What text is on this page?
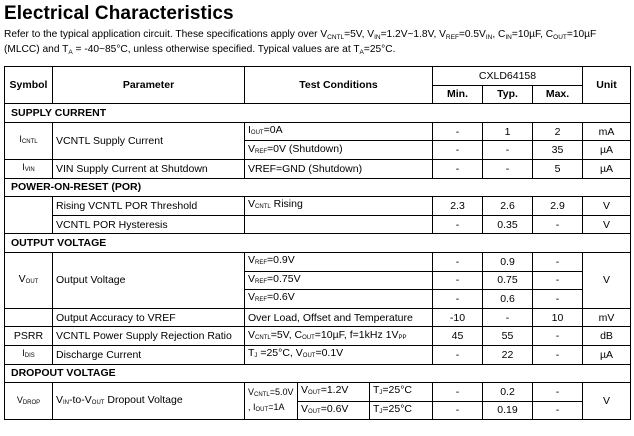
Electrical Characteristics
Refer to the typical application circuit. These specifications apply over $V_{CNTL}=5V$, $V_{IN}=1.2V\sim 1.8V$, $V_{REF}=0.5V_{IN}$, $C_{IN}=10\mu F$, $C_{OUT}=10\mu F$
(MLCC) and $T_A$ = -40~85°C, unless otherwise specified. Typical values are at $T_A=25^\circ C$.
Symbol	Parameter	Test Conditions			CXLD64158			Unit
					Min.	Typ.	Max.	
SUPPLY CURRENT								
ICNTL	VCNTL Supply Current	IOUT=0A			-	1	2	mA
		VREF=0V (Shutdown)			-	-	35	µA
IVIN	VIN Supply Current at Shutdown	VREF=GND (Shutdown)			-	-	5	µA
POWER-ON-RESET (POR)								
	Rising VCNTL POR Threshold	VCNTL Rising			2.3	2.6	2.9	V
	VCNTL POR Hysteresis				-	0.35	-	V
OUTPUT VOLTAGE								
VOUT	Output Voltage	VREF=0.9V			-	0.9	-	V
		VREF=0.75V			-	0.75	-	
		VREF=0.6V			-	0.6	-	
	Output Accuracy to VREF	Over Load, Offset and Temperature			-10	-	10	mV
PSRR	VCNTL Power Supply Rejection Ratio	VCNTL=5V, COUT=10µF, f=1kHz 1VPP			45	55	-	dB
IDIS	Discharge Current	TJ =25°C, VOUT=0.1V			-	22	-	µA
DROPOUT VOLTAGE								
VDROP	VIN-to-VOUT Dropout Voltage	VCNTL=5.0V
, IOUT=1A	VOUT=1.2V	TJ=25°C	-	0.2	-	V
			VOUT=0.6V	TJ=25°C	-	0.19	-	
